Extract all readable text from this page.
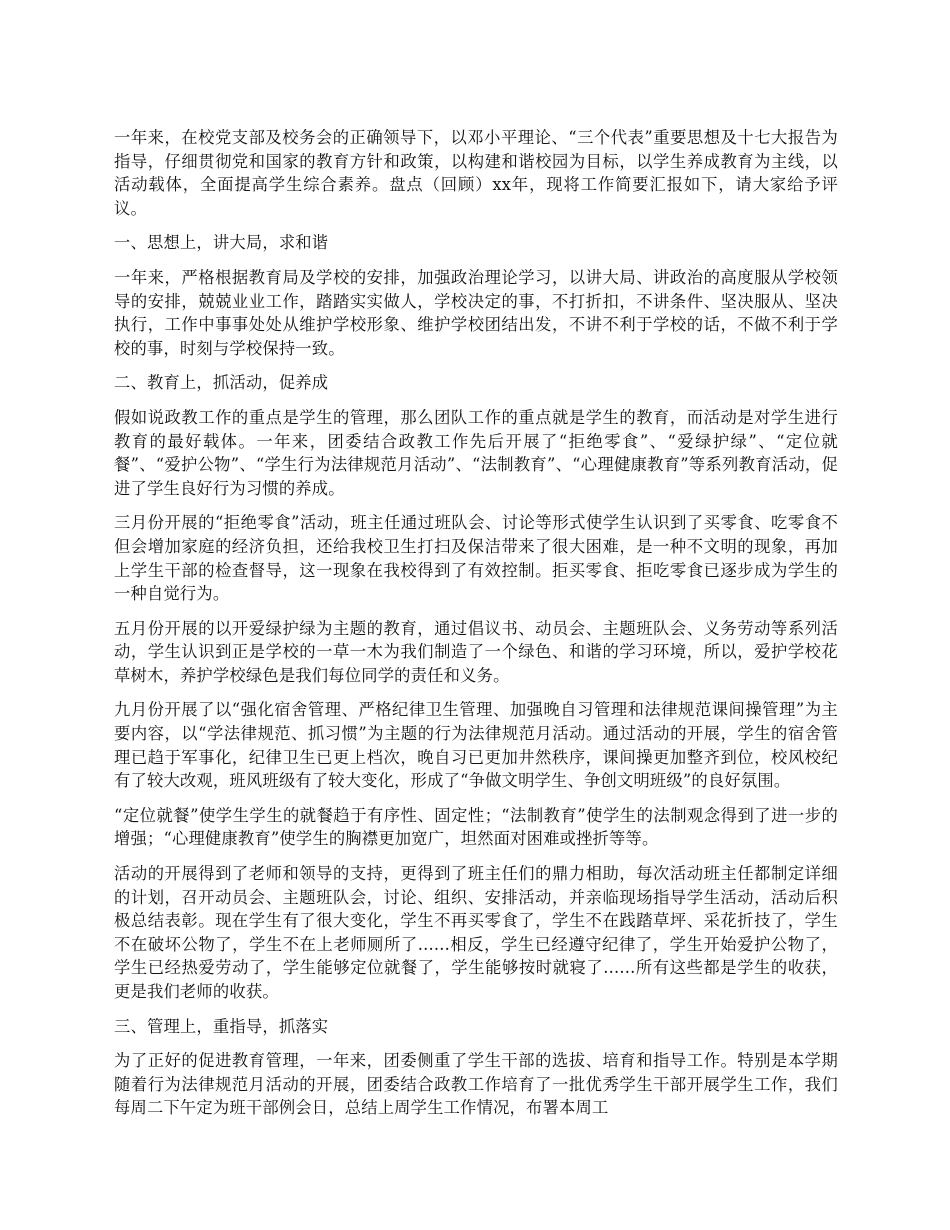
一年来，在校党支部及校务会的正确领导下，以邓小平理论、“三个代表”重要思想及十七大报告为指导，仔细贯彻党和国家的教育方针和政策，以构建和谐校园为目标，以学生养成教育为主线，以活动载体，全面提高学生综合素养。盘点（回顾）xx年，现将工作简要汇报如下，请大家给予评议。

一、思想上，讲大局，求和谐

一年来，严格根据教育局及学校的安排，加强政治理论学习，以讲大局、讲政治的高度服从学校领导的安排，兢兢业业工作，踏踏实实做人，学校决定的事，不打折扣，不讲条件、坚决服从、坚决执行，工作中事事处处从维护学校形象、维护学校团结出发，不讲不利于学校的话，不做不利于学校的事，时刻与学校保持一致。

二、教育上，抓活动，促养成

假如说政教工作的重点是学生的管理，那么团队工作的重点就是学生的教育，而活动是对学生进行教育的最好载体。一年来，团委结合政教工作先后开展了“拒绝零食”、“爱绿护绿”、“定位就餐”、“爱护公物”、“学生行为法律规范月活动”、“法制教育”、“心理健康教育”等系列教育活动，促进了学生良好行为习惯的养成。

三月份开展的“拒绝零食”活动，班主任通过班队会、讨论等形式使学生认识到了买零食、吃零食不但会增加家庭的经济负担，还给我校卫生打扫及保洁带来了很大困难，是一种不文明的现象，再加上学生干部的检查督导，这一现象在我校得到了有效控制。拒买零食、拒吃零食已逐步成为学生的一种自觉行为。

五月份开展的以开爱绿护绿为主题的教育，通过倡议书、动员会、主题班队会、义务劳动等系列活动，学生认识到正是学校的一草一木为我们制造了一个绿色、和谐的学习环境，所以，爱护学校花草树木，养护学校绿色是我们每位同学的责任和义务。

九月份开展了以“强化宿舍管理、严格纪律卫生管理、加强晚自习管理和法律规范课间操管理”为主要内容，以“学法律规范、抓习惯”为主题的行为法律规范月活动。通过活动的开展，学生的宿舍管理已趋于军事化，纪律卫生已更上档次，晚自习已更加井然秩序，课间操更加整齐到位，校风校纪有了较大改观，班风班级有了较大变化，形成了“争做文明学生、争创文明班级”的良好氛围。

“定位就餐”使学生学生的就餐趋于有序性、固定性；“法制教育”使学生的法制观念得到了进一步的增强；“心理健康教育”使学生的胸襟更加宽广，坦然面对困难或挫折等等。

活动的开展得到了老师和领导的支持，更得到了班主任们的鼎力相助，每次活动班主任都制定详细的计划，召开动员会、主题班队会，讨论、组织、安排活动，并亲临现场指导学生活动，活动后积极总结表彰。现在学生有了很大变化，学生不再买零食了，学生不在践踏草坪、采花折技了，学生不在破坏公物了，学生不在上老师厕所了......相反，学生已经遵守纪律了，学生开始爱护公物了，学生已经热爱劳动了，学生能够定位就餐了，学生能够按时就寝了......所有这些都是学生的收获，更是我们老师的收获。

三、管理上，重指导，抓落实

为了正好的促进教育管理，一年来，团委侧重了学生干部的选拔、培育和指导工作。特别是本学期随着行为法律规范月活动的开展，团委结合政教工作培育了一批优秀学生干部开展学生工作，我们每周二下午定为班干部例会日，总结上周学生工作情况，布署本周工
